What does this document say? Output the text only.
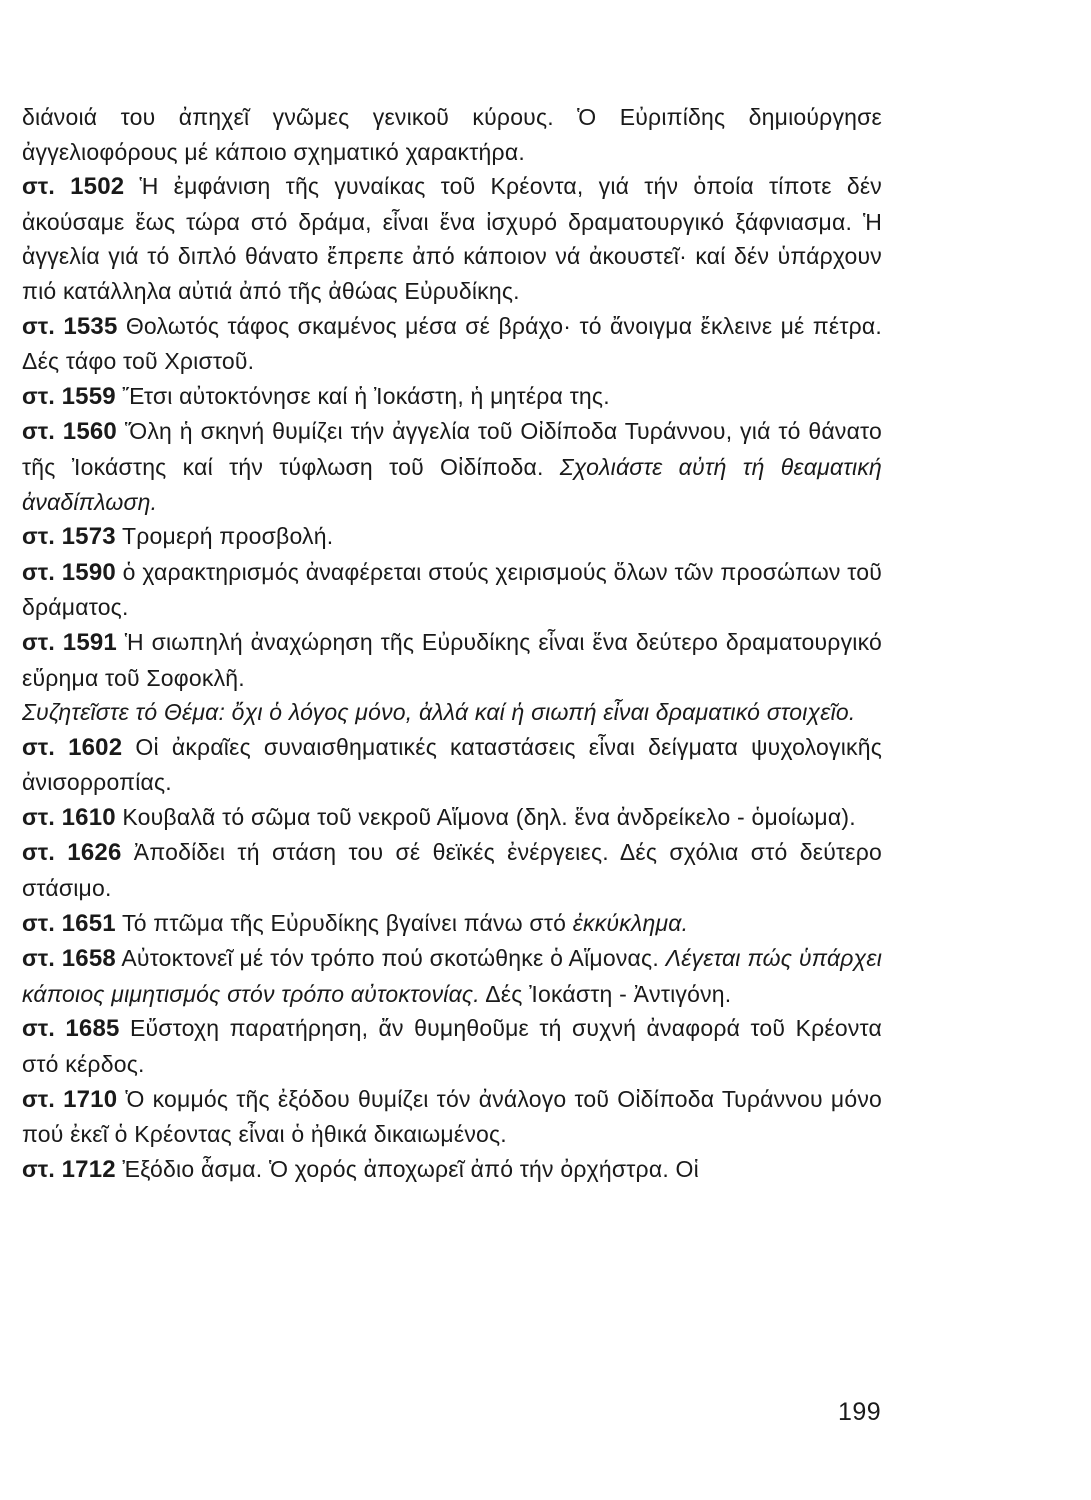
διάνοιά του ἀπηχεῖ γνῶμες γενικοῦ κύρους. Ὁ Εὐριπίδης δημιούργησε ἀγγελιοφόρους μέ κάποιο σχηματικό χαρακτήρα.

στ. 1502 Ἡ ἐμφάνιση τῆς γυναίκας τοῦ Κρέοντα, γιά τήν ὁποία τίποτε δέν ἀκούσαμε ἕως τώρα στό δράμα, εἶναι ἕνα ἰσχυρό δραματουργικό ξάφνιασμα. Ἡ ἀγγελία γιά τό διπλό θάνατο ἔπρεπε ἀπό κάποιον νά ἀκουστεῖ· καί δέν ὑπάρχουν πιό κατάλληλα αὐτιά ἀπό τῆς ἀθώας Εὐρυδίκης.

στ. 1535 Θολωτός τάφος σκαμένος μέσα σέ βράχο· τό ἄνοιγμα ἔκλεινε μέ πέτρα. Δές τάφο τοῦ Χριστοῦ.

στ. 1559 Ἔτσι αὐτοκτόνησε καί ἡ Ἰοκάστη, ἡ μητέρα της.

στ. 1560 Ὅλη ἡ σκηνή θυμίζει τήν ἀγγελία τοῦ Οἰδίποδα Τυράννου, γιά τό θάνατο τῆς Ἰοκάστης καί τήν τύφλωση τοῦ Οἰδίποδα. Σχολιάστε αὐτή τή θεαματική ἀναδίπλωση.

στ. 1573 Τρομερή προσβολή.

στ. 1590 ὁ χαρακτηρισμός ἀναφέρεται στούς χειρισμούς ὅλων τῶν προσώπων τοῦ δράματος.

στ. 1591 Ἡ σιωπηλή ἀναχώρηση τῆς Εὐρυδίκης εἶναι ἕνα δεύτερο δραματουργικό εὕρημα τοῦ Σοφοκλῆ.

Συζητεῖστε τό Θέμα: ὄχι ὁ λόγος μόνο, ἀλλά καί ἡ σιωπή εἶναι δραματικό στοιχεῖο.

στ. 1602 Οἱ ἀκραῖες συναισθηματικές καταστάσεις εἶναι δείγματα ψυχολογικῆς ἀνισορροπίας.

στ. 1610 Κουβαλᾶ τό σῶμα τοῦ νεκροῦ Αἵμονα (δηλ. ἕνα ἀνδρείκελο - ὁμοίωμα).

στ. 1626 Ἀποδίδει τή στάση του σέ θεϊκές ἐνέργειες. Δές σχόλια στό δεύτερο στάσιμο.

στ. 1651 Τό πτῶμα τῆς Εὐρυδίκης βγαίνει πάνω στό ἐκκύκλημα.

στ. 1658 Αὐτοκτονεῖ μέ τόν τρόπο πού σκοτώθηκε ὁ Αἵμονας. Λέγεται πώς ὑπάρχει κάποιος μιμητισμός στόν τρόπο αὐτοκτονίας. Δές Ἰοκάστη - Ἀντιγόνη.

στ. 1685 Εὔστοχη παρατήρηση, ἄν θυμηθοῦμε τή συχνή ἀναφορά τοῦ Κρέοντα στό κέρδος.

στ. 1710 Ὁ κομμός τῆς ἐξόδου θυμίζει τόν ἀνάλογο τοῦ Οἰδίποδα Τυράννου μόνο πού ἐκεῖ ὁ Κρέοντας εἶναι ὁ ἠθικά δικαιωμένος.

στ. 1712 Ἐξόδιο ἆσμα. Ὁ χορός ἀποχωρεῖ ἀπό τήν ὀρχήστρα. Οἱ

199
